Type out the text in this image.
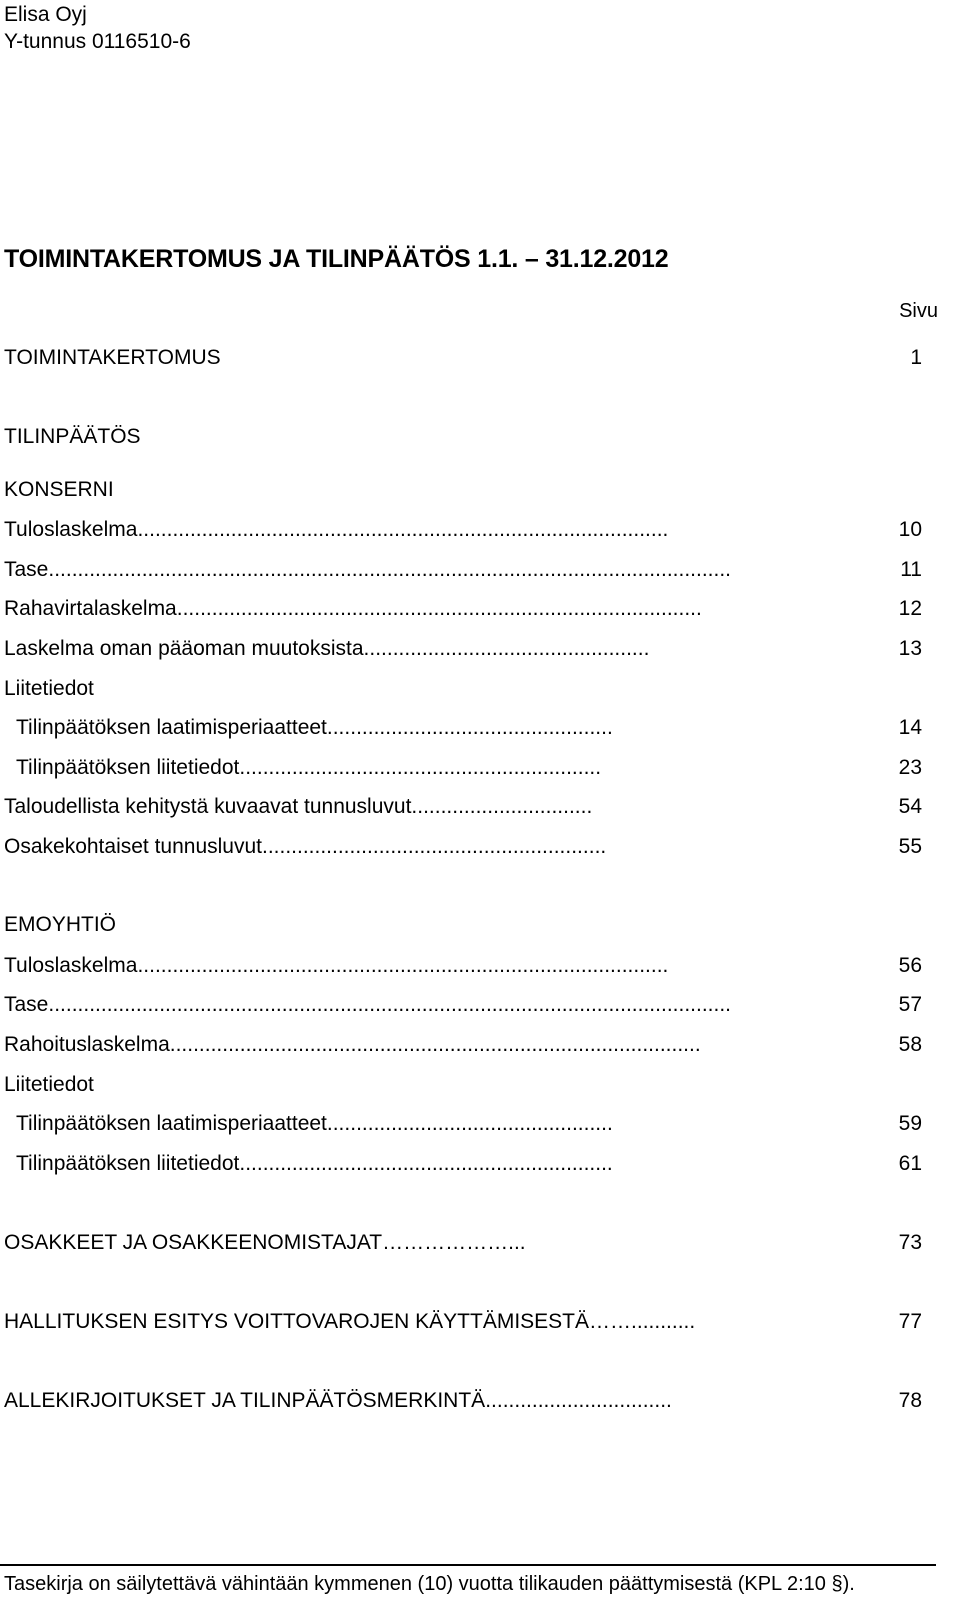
Elisa Oyj
Y-tunnus 0116510-6
TOIMINTAKERTOMUS JA TILINPÄÄTÖS 1.1. – 31.12.2012
Sivu
TOIMINTAKERTOMUS	1
TILINPÄÄTÖS
KONSERNI
Tuloslaskelma...........................................................................................	10
Tase.....................................................................................................................	11
Rahavirtalaskelma..........................................................................................	12
Laskelma oman pääoman muutoksista.................................................	13
Liitetiedot
Tilinpäätöksen laatimisperiaatteet.................................................	14
Tilinpäätöksen liitetiedot..............................................................	23
Taloudellista kehitystä kuvaavat tunnusluvut...............................	54
Osakekohtaiset tunnusluvut...........................................................	55
EMOYHTIÖ
Tuloslaskelma...........................................................................................	56
Tase.....................................................................................................................	57
Rahoituslaskelma...........................................................................................	58
Liitetiedot
Tilinpäätöksen laatimisperiaatteet.................................................	59
Tilinpäätöksen liitetiedot................................................................	61
OSAKKEET JA OSAKKEENOMISTAJAT………………...	73
HALLITUKSEN ESITYS VOITTOVAROJEN KÄYTTÄMISESTÄ……...........	77
ALLEKIRJOITUKSET JA TILINPÄÄTÖSMERKINTÄ................................	78
Tasekirja on säilytettävä vähintään kymmenen (10) vuotta tilikauden päättymisestä (KPL 2:10 §).
